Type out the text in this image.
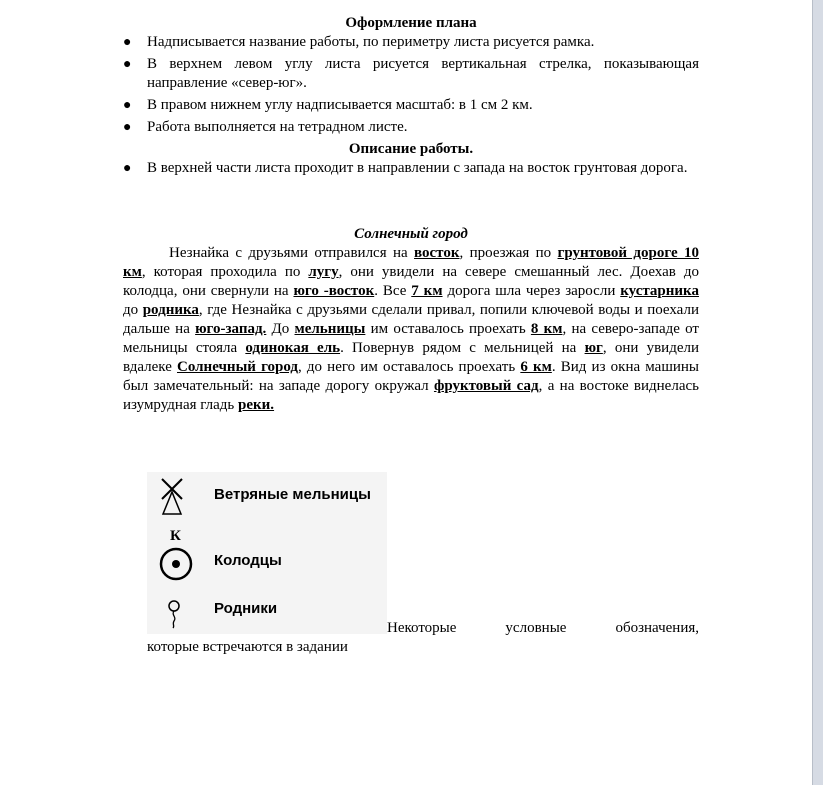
Оформление плана
● Надписывается название работы, по периметру листа рисуется рамка.
● В верхнем левом углу листа рисуется вертикальная стрелка, показывающая направление «север-юг».
● В правом нижнем углу надписывается масштаб: в 1 см 2 км.
● Работа выполняется на тетрадном листе.
Описание работы.
● В верхней части листа проходит в направлении с запада на восток грунтовая дорога.
Солнечный город
Незнайка с друзьями отправился на восток, проезжая по грунтовой дороге 10 км, которая проходила по лугу, они увидели на севере смешанный лес. Доехав до колодца, они свернули на юго -восток. Все 7 км дорога шла через заросли кустарника до родника, где Незнайка с друзьями сделали привал, попили ключевой воды и поехали дальше на юго-запад. До мельницы им оставалось проехать 8 км, на северо-западе от мельницы стояла одинокая ель. Повернув рядом с мельницей на юг, они увидели вдалеке Солнечный город, до него им оставалось проехать 6 км. Вид из окна машины был замечательный: на западе дорогу окружал фруктовый сад, а на востоке виднелась изумрудная гладь реки.
Ветряные мельницы
К
Колодцы
Родники
Некоторые условные обозначения,
которые встречаются в задании
